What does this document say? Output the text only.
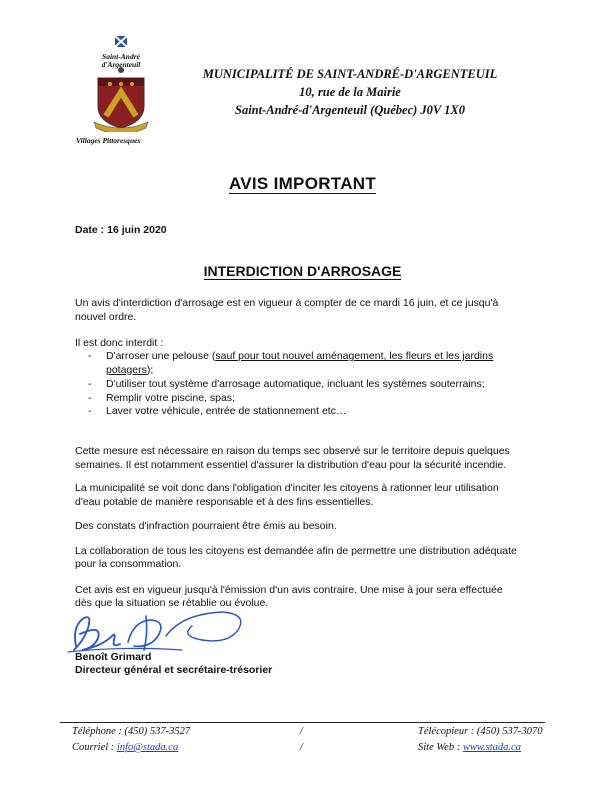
Saint-André
d'Argenteuil
Villages Pittoresques
MUNICIPALITÉ DE SAINT-ANDRÉ-D'ARGENTEUIL
10, rue de la Mairie
Saint-André-d'Argenteuil (Québec) J0V 1X0
AVIS IMPORTANT
Date : 16 juin 2020
INTERDICTION D'ARROSAGE
Un avis d'interdiction d'arrosage est en vigueur à compter de ce mardi 16 juin, et ce jusqu'à
nouvel ordre.
Il est donc interdit :
- D'arroser une pelouse (sauf pour tout nouvel aménagement, les fleurs et les jardins
potagers);
- D'utiliser tout système d'arrosage automatique, incluant les systèmes souterrains;
- Remplir votre piscine, spas;
- Laver votre véhicule, entrée de stationnement etc…
Cette mesure est nécessaire en raison du temps sec observé sur le territoire depuis quelques
semaines. Il est notamment essentiel d'assurer la distribution d'eau pour la sécurité incendie.
La municipalité se voit donc dans l'obligation d'inciter les citoyens à rationner leur utilisation
d'eau potable de manière responsable et à des fins essentielles.
Des constats d'infraction pourraient être émis au besoin.
La collaboration de tous les citoyens est demandée afin de permettre une distribution adéquate
pour la consommation.
Cet avis est en vigueur jusqu'à l'émission d'un avis contraire. Une mise à jour sera effectuée
dès que la situation se rétablie ou évolue.
Benoît Grimard
Directeur général et secrétaire-trésorier
Téléphone : (450) 537-3527	/	Télécopieur : (450) 537-3070
Courriel : info@stada.ca	/	Site Web : www.stada.ca
